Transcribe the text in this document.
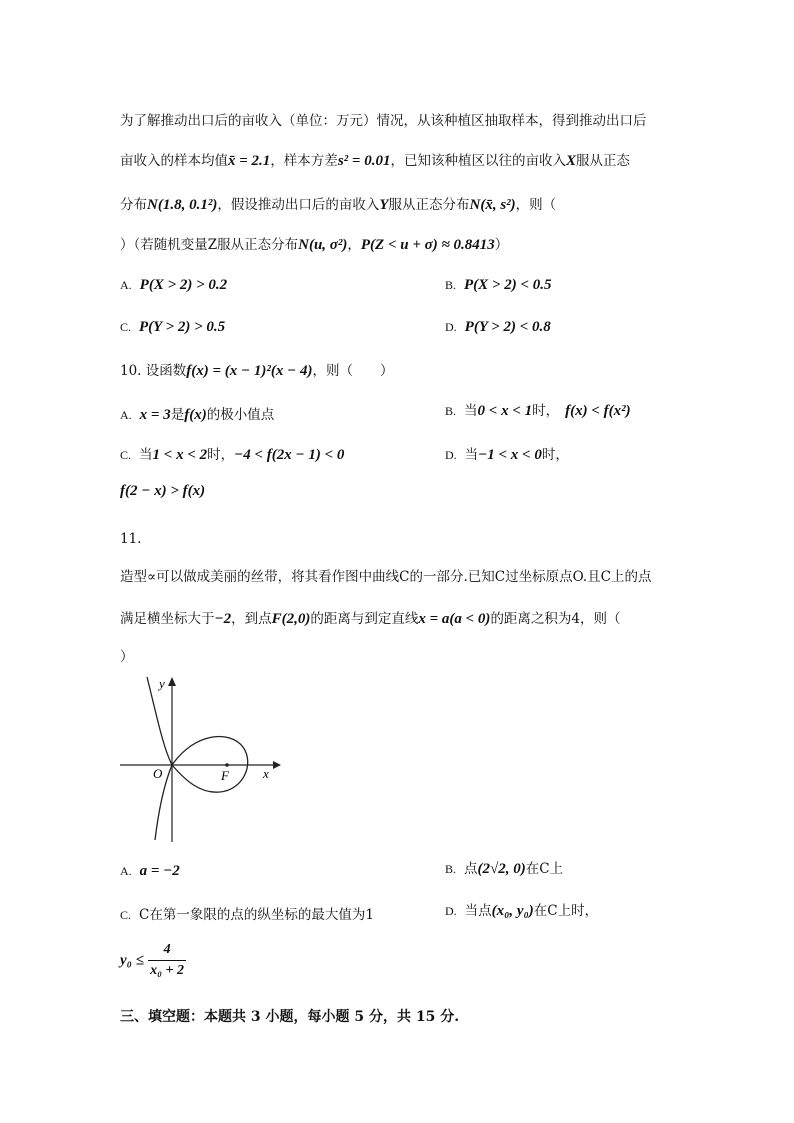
为了解推动出口后的亩收入（单位：万元）情况，从该种植区抽取样本，得到推动出口后
亩收入的样本均值x̄ = 2.1，样本方差s² = 0.01，已知该种植区以往的亩收入X服从正态
分布N(1.8, 0.1²)，假设推动出口后的亩收入Y服从正态分布N(x̄, s²)，则（
）（若随机变量Z服从正态分布N(u, σ²)，P(Z < u + σ) ≈ 0.8413）
A. P(X > 2) > 0.2	B. P(X > 2) < 0.5
C. P(Y > 2) > 0.5	D. P(Y > 2) < 0.8
10. 设函数f(x) = (x − 1)²(x − 4)，则（　　）
A. x = 3是f(x)的极小值点	B. 当0 < x < 1时， f(x) < f(x²)
C. 当1 < x < 2时，−4 < f(2x − 1) < 0	D. 当−1 < x < 0时，
f(2 − x) > f(x)
11.
造型∝可以做成美丽的丝带，将其看作图中曲线C的一部分.已知C过坐标原点O.且C上的点
满足横坐标大于−2，到点F(2,0)的距离与到定直线x = a(a < 0)的距离之积为4，则（
）
y
x
O	F
A. a = −2	B. 点(2√2, 0)在C上
C. C在第一象限的点的纵坐标的最大值为1	D. 当点(x₀, y₀)在C上时，
$y_0 \le \frac{4}{\text{x₀ + 2}}$
三、填空题：本题共 3 小题，每小题 5 分，共 15 分.
